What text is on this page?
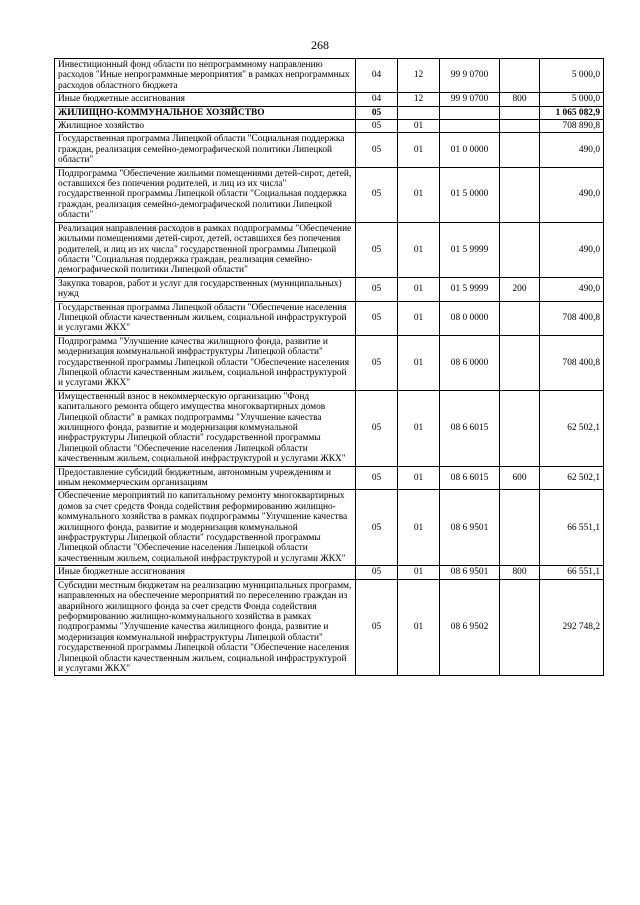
268
Инвестиционный фонд области по непрограммному направлению расходов "Иные непрограммные мероприятия" в рамках непрограммных расходов областного бюджета	04	12	99 9 0700		5 000,0
Иные бюджетные ассигнования	04	12	99 9 0700	800	5 000,0
ЖИЛИЩНО-КОММУНАЛЬНОЕ ХОЗЯЙСТВО	05				1 065 082,9
Жилищное хозяйство	05	01			708 890,8
Государственная программа Липецкой области "Социальная поддержка граждан, реализация семейно-демографической политики Липецкой области"	05	01	01 0 0000		490,0
Подпрограмма "Обеспечение жильими помещениями детей-сирот, детей, оставшихся без попечения родителей, и лиц из их числа" государственной программы Липецкой области "Социальная поддержка граждан, реализация семейно-демографической политики Липецкой области"	05	01	01 5 0000		490,0
Реализация направления расходов в рамках подпрограммы "Обеспечение жильими помещениями детей-сирот, детей, оставшихся без попечения родителей, и лиц из их числа" государственной программы Липецкой области "Социальная поддержка граждан, реализация семейно-демографической политики Липецкой области"	05	01	01 5 9999		490,0
Закупка товаров, работ и услуг для государственных (муниципальных) нужд	05	01	01 5 9999	200	490,0
Государственная программа Липецкой области "Обеспечение населения Липецкой области качественным жильем, социальной инфраструктурой и услугами ЖКХ"	05	01	08 0 0000		708 400,8
Подпрограмма "Улучшение качества жилищного фонда, развитие и модернизация коммунальной инфраструктуры Липецкой области" государственной программы Липецкой области "Обеспечение населения Липецкой области качественным жильем, социальной инфраструктурой и услугами ЖКХ"	05	01	08 6 0000		708 400,8
Имущественный взнос в некоммерческую организацию "Фонд капитального ремонта общего имущества многоквартирных домов Липецкой области" в рамках подпрограммы "Улучшение качества жилищного фонда, развитие и модернизация коммунальной инфраструктуры Липецкой области" государственной программы Липецкой области "Обеспечение населения Липецкой области качественным жильем, социальной инфраструктурой и услугами ЖКХ"	05	01	08 6 6015		62 502,1
Предоставление субсидий бюджетным, автономным учреждениям и иным некоммерческим организациям	05	01	08 6 6015	600	62 502,1
Обеспечение мероприятий по капитальному ремонту многоквартирных домов за счет средств Фонда содействия реформированию жилищно-коммунального хозяйства в рамках подпрограммы "Улучшение качества жилищного фонда, развитие и модернизация коммунальной инфраструктуры Липецкой области" государственной программы Липецкой области "Обеспечение населения Липецкой области качественным жильем, социальной инфраструктурой и услугами ЖКХ"	05	01	08 6 9501		66 551,1
Иные бюджетные ассигнования	05	01	08 6 9501	800	66 551,1
Субсидии местным бюджетам на реализацию муниципальных программ, направленных на обеспечение мероприятий по переселению граждан из аварийного жилищного фонда за счет средств Фонда содействия реформированию жилищно-коммунального хозяйства в рамках подпрограммы "Улучшение качества жилищного фонда, развитие и модернизация коммунальной инфраструктуры Липецкой области" государственной программы Липецкой области "Обеспечение населения Липецкой области качественным жильем, социальной инфраструктурой и услугами ЖКХ"	05	01	08 6 9502		292 748,2
